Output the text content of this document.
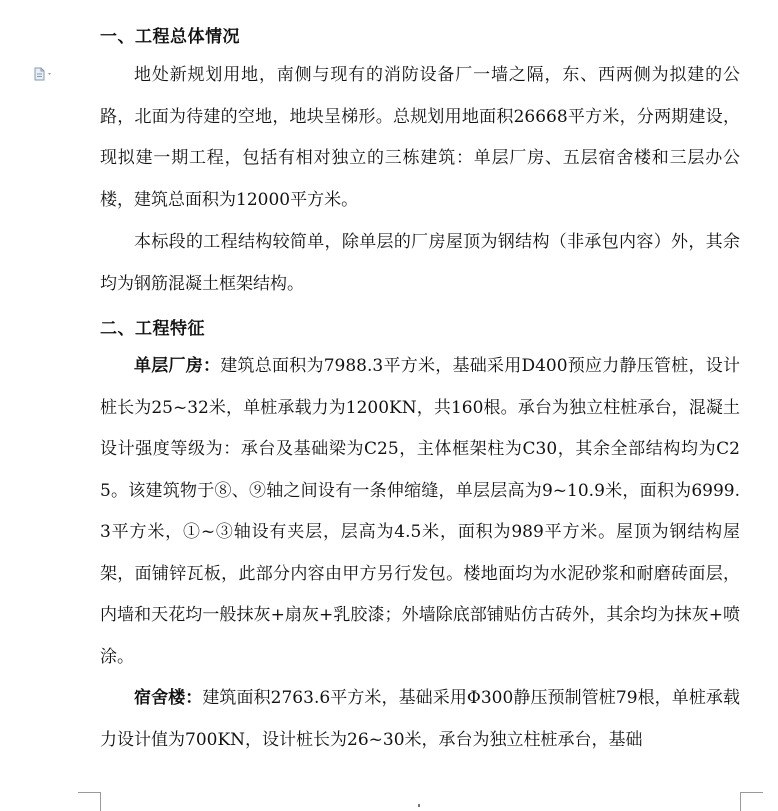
一、工程总体情况
地处新规划用地，南侧与现有的消防设备厂一墙之隔，东、西两侧为拟建的公路，北面为待建的空地，地块呈梯形。总规划用地面积26668平方米，分两期建设，现拟建一期工程，包括有相对独立的三栋建筑：单层厂房、五层宿舍楼和三层办公楼，建筑总面积为12000平方米。
本标段的工程结构较简单，除单层的厂房屋顶为钢结构（非承包内容）外，其余均为钢筋混凝土框架结构。
二、工程特征
单层厂房：建筑总面积为7988.3平方米，基础采用D400预应力静压管桩，设计桩长为25~32米，单桩承载力为1200KN，共160根。承台为独立柱桩承台，混凝土设计强度等级为：承台及基础梁为C25，主体框架柱为C30，其余全部结构均为C25。该建筑物于⑧、⑨轴之间设有一条伸缩缝，单层层高为9~10.9米，面积为6999.3平方米，①~③轴设有夹层，层高为4.5米，面积为989平方米。屋顶为钢结构屋架，面铺锌瓦板，此部分内容由甲方另行发包。楼地面均为水泥砂浆和耐磨砖面层，内墙和天花均一般抹灰+扇灰+乳胶漆；外墙除底部铺贴仿古砖外，其余均为抹灰+喷涂。
宿舍楼：建筑面积2763.6平方米，基础采用Φ300静压预制管桩79根，单桩承载力设计值为700KN，设计桩长为26~30米，承台为独立柱桩承台，基础
